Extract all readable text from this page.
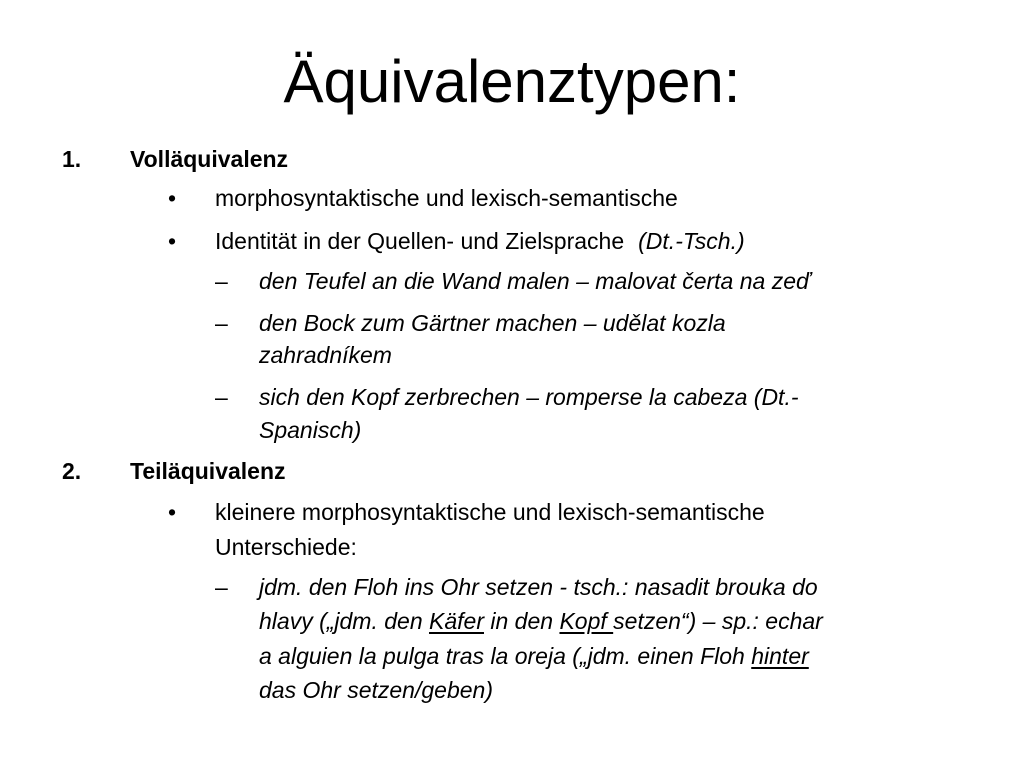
Äquivalenztypen:
1. Volläquivalenz
• morphosyntaktische und lexisch-semantische
• Identität in der Quellen- und Zielsprache (Dt.-Tsch.)
– den Teufel an die Wand malen – malovat čerta na zeď
– den Bock zum Gärtner machen – udělat kozla
zahradníkem
– sich den Kopf zerbrechen – romperse la cabeza (Dt.-
Spanisch)
2. Teiläquivalenz
• kleinere morphosyntaktische und lexisch-semantische
Unterschiede:
– jdm. den Floh ins Ohr setzen - tsch.: nasadit brouka do
hlavy („jdm. den Käfer in den Kopf setzen“) – sp.: echar
a alguien la pulga tras la oreja („jdm. einen Floh hinter
das Ohr setzen/geben)
